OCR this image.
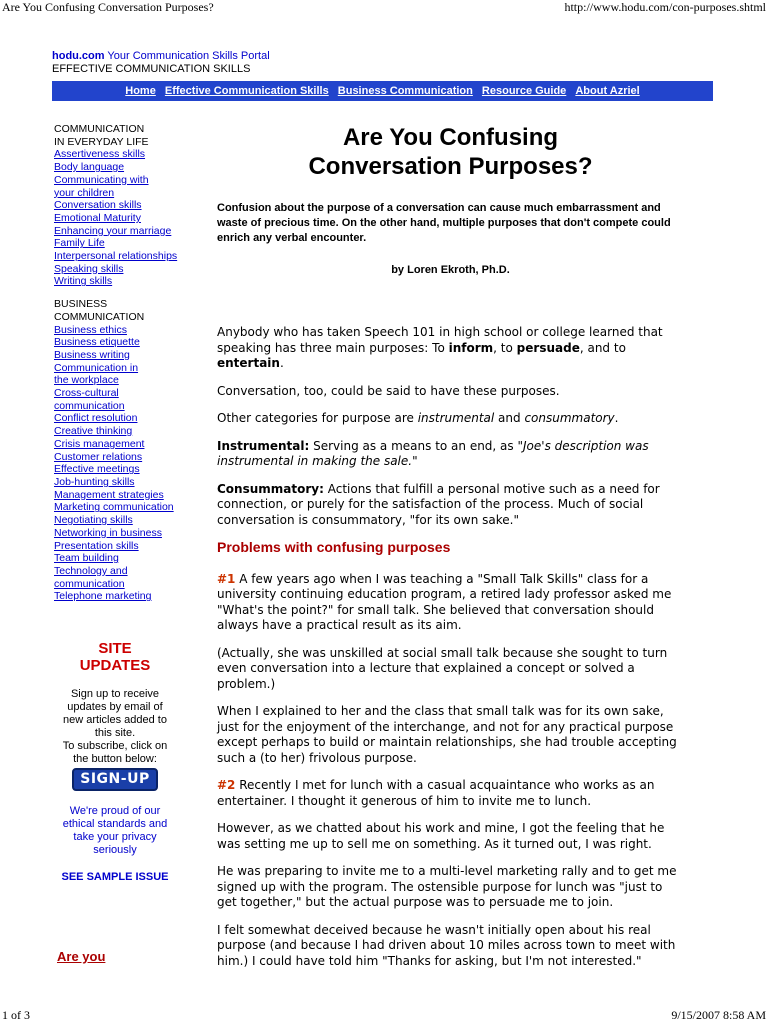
Are You Confusing Conversation Purposes?	http://www.hodu.com/con-purposes.shtml
hodu.com Your Communication Skills Portal
EFFECTIVE COMMUNICATION SKILLS
Home Effective Communication Skills Business Communication Resource Guide About Azriel
COMMUNICATION
IN EVERYDAY LIFE
Assertiveness skills
Body language
Communicating with
your children
Conversation skills
Emotional Maturity
Enhancing your marriage
Family Life
Interpersonal relationships
Speaking skills
Writing skills
BUSINESS
COMMUNICATION
Business ethics
Business etiquette
Business writing
Communication in
the workplace
Cross-cultural
communication
Conflict resolution
Creative thinking
Crisis management
Customer relations
Effective meetings
Job-hunting skills
Management strategies
Marketing communication
Negotiating skills
Networking in business
Presentation skills
Team building
Technology and
communication
Telephone marketing
SITE
UPDATES
Sign up to receive
updates by email of
new articles added to
this site.
To subscribe, click on
the button below:
SIGN-UP
We're proud of our
ethical standards and
take your privacy
seriously
SEE SAMPLE ISSUE
Are you
Are You Confusing
Conversation Purposes?
Confusion about the purpose of a conversation can cause much embarrassment and waste of precious time. On the other hand, multiple purposes that don't compete could enrich any verbal encounter.
by Loren Ekroth, Ph.D.

Anybody who has taken Speech 101 in high school or college learned that speaking has three main purposes: To inform, to persuade, and to entertain.

Conversation, too, could be said to have these purposes.

Other categories for purpose are instrumental and consummatory.

Instrumental: Serving as a means to an end, as "Joe's description was instrumental in making the sale."

Consummatory: Actions that fulfill a personal motive such as a need for connection, or purely for the satisfaction of the process. Much of social conversation is consummatory, "for its own sake."

Problems with confusing purposes

#1 A few years ago when I was teaching a "Small Talk Skills" class for a university continuing education program, a retired lady professor asked me "What's the point?" for small talk. She believed that conversation should always have a practical result as its aim.

(Actually, she was unskilled at social small talk because she sought to turn even conversation into a lecture that explained a concept or solved a problem.)

When I explained to her and the class that small talk was for its own sake, just for the enjoyment of the interchange, and not for any practical purpose except perhaps to build or maintain relationships, she had trouble accepting such a (to her) frivolous purpose.

#2 Recently I met for lunch with a casual acquaintance who works as an entertainer. I thought it generous of him to invite me to lunch.

However, as we chatted about his work and mine, I got the feeling that he was setting me up to sell me on something. As it turned out, I was right.

He was preparing to invite me to a multi-level marketing rally and to get me signed up with the program. The ostensible purpose for lunch was "just to get together," but the actual purpose was to persuade me to join.

I felt somewhat deceived because he wasn't initially open about his real purpose (and because I had driven about 10 miles across town to meet with him.) I could have told him "Thanks for asking, but I'm not interested."

1 of 3	9/15/2007 8:58 AM
